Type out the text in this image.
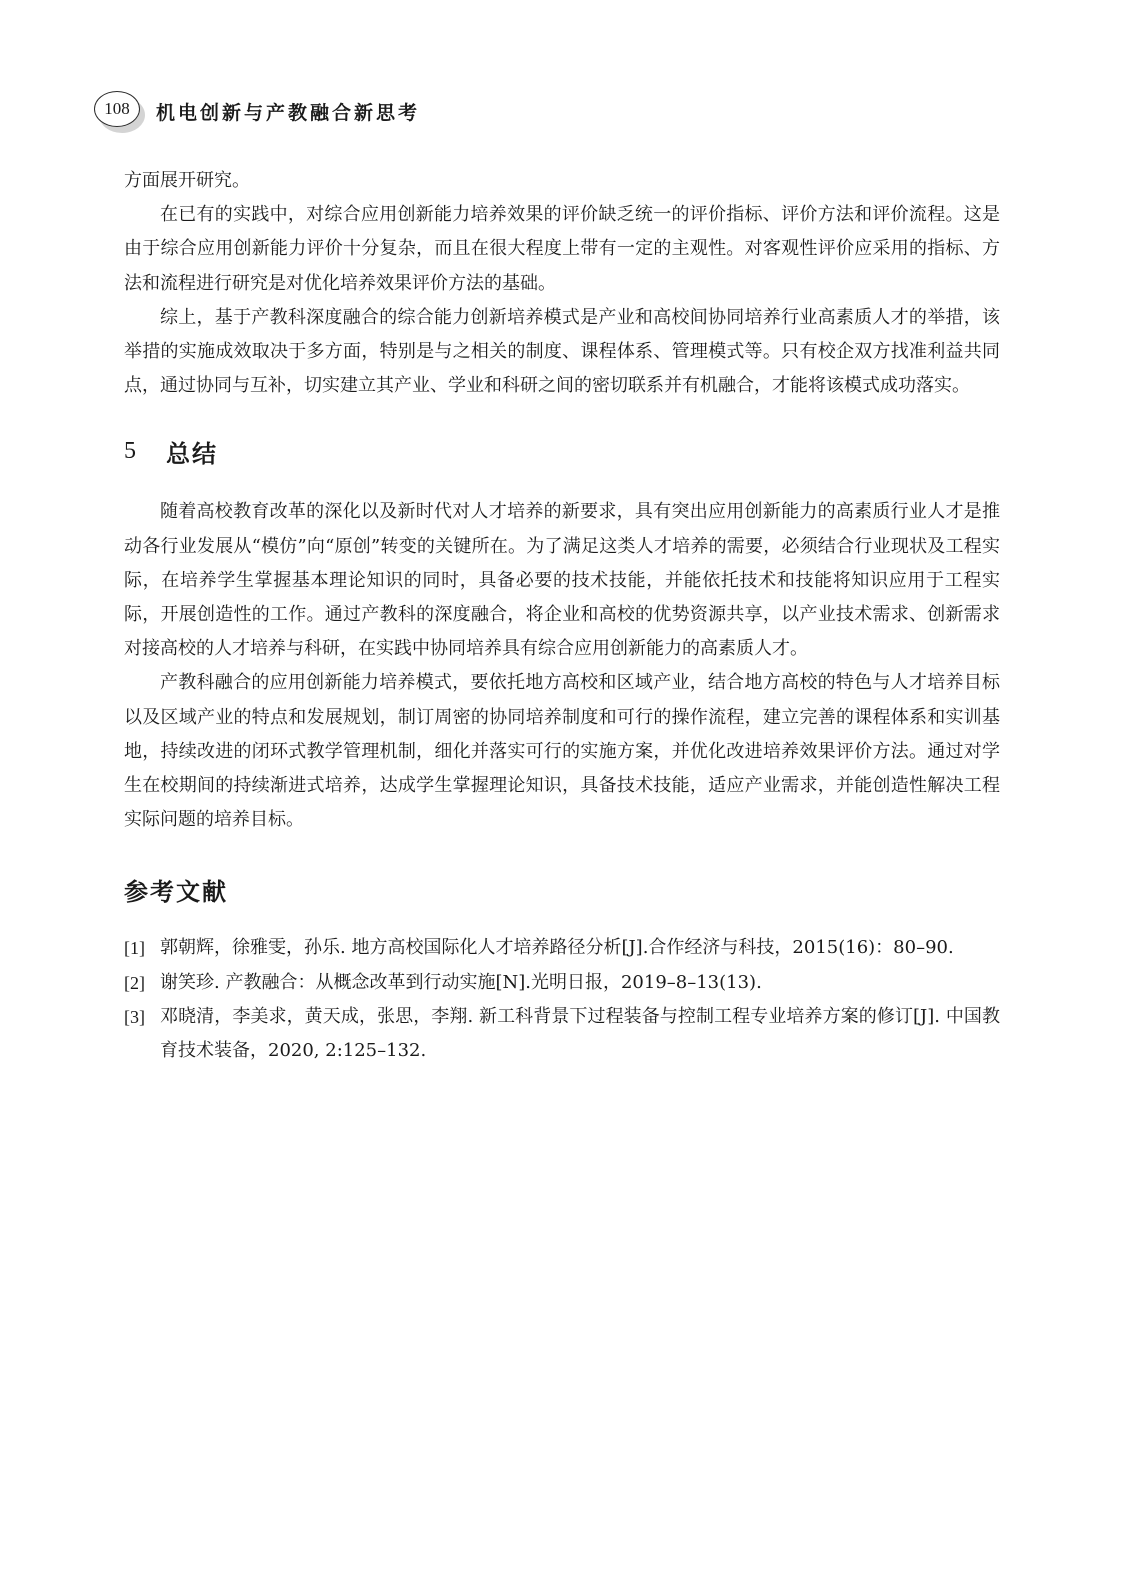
108	机电创新与产教融合新思考

方面展开研究。

在已有的实践中，对综合应用创新能力培养效果的评价缺乏统一的评价指标、评价方法和评价流程。这是由于综合应用创新能力评价十分复杂，而且在很大程度上带有一定的主观性。对客观性评价应采用的指标、方法和流程进行研究是对优化培养效果评价方法的基础。

综上，基于产教科深度融合的综合能力创新培养模式是产业和高校间协同培养行业高素质人才的举措，该举措的实施成效取决于多方面，特别是与之相关的制度、课程体系、管理模式等。只有校企双方找准利益共同点，通过协同与互补，切实建立其产业、学业和科研之间的密切联系并有机融合，才能将该模式成功落实。

5	总结

随着高校教育改革的深化以及新时代对人才培养的新要求，具有突出应用创新能力的高素质行业人才是推动各行业发展从“模仿”向“原创”转变的关键所在。为了满足这类人才培养的需要，必须结合行业现状及工程实际，在培养学生掌握基本理论知识的同时，具备必要的技术技能，并能依托技术和技能将知识应用于工程实际，开展创造性的工作。通过产教科的深度融合，将企业和高校的优势资源共享，以产业技术需求、创新需求对接高校的人才培养与科研，在实践中协同培养具有综合应用创新能力的高素质人才。

产教科融合的应用创新能力培养模式，要依托地方高校和区域产业，结合地方高校的特色与人才培养目标以及区域产业的特点和发展规划，制订周密的协同培养制度和可行的操作流程，建立完善的课程体系和实训基地，持续改进的闭环式教学管理机制，细化并落实可行的实施方案，并优化改进培养效果评价方法。通过对学生在校期间的持续渐进式培养，达成学生掌握理论知识，具备技术技能，适应产业需求，并能创造性解决工程实际问题的培养目标。

参考文献
[1] 郭朝辉，徐雅雯，孙乐. 地方高校国际化人才培养路径分析[J].合作经济与科技，2015(16)：80–90.
[2] 谢笑珍. 产教融合：从概念改革到行动实施[N].光明日报，2019–8–13(13).
[3] 邓晓清，李美求，黄天成，张思，李翔. 新工科背景下过程装备与控制工程专业培养方案的修订[J]. 中国教育技术装备，2020, 2:125–132.
